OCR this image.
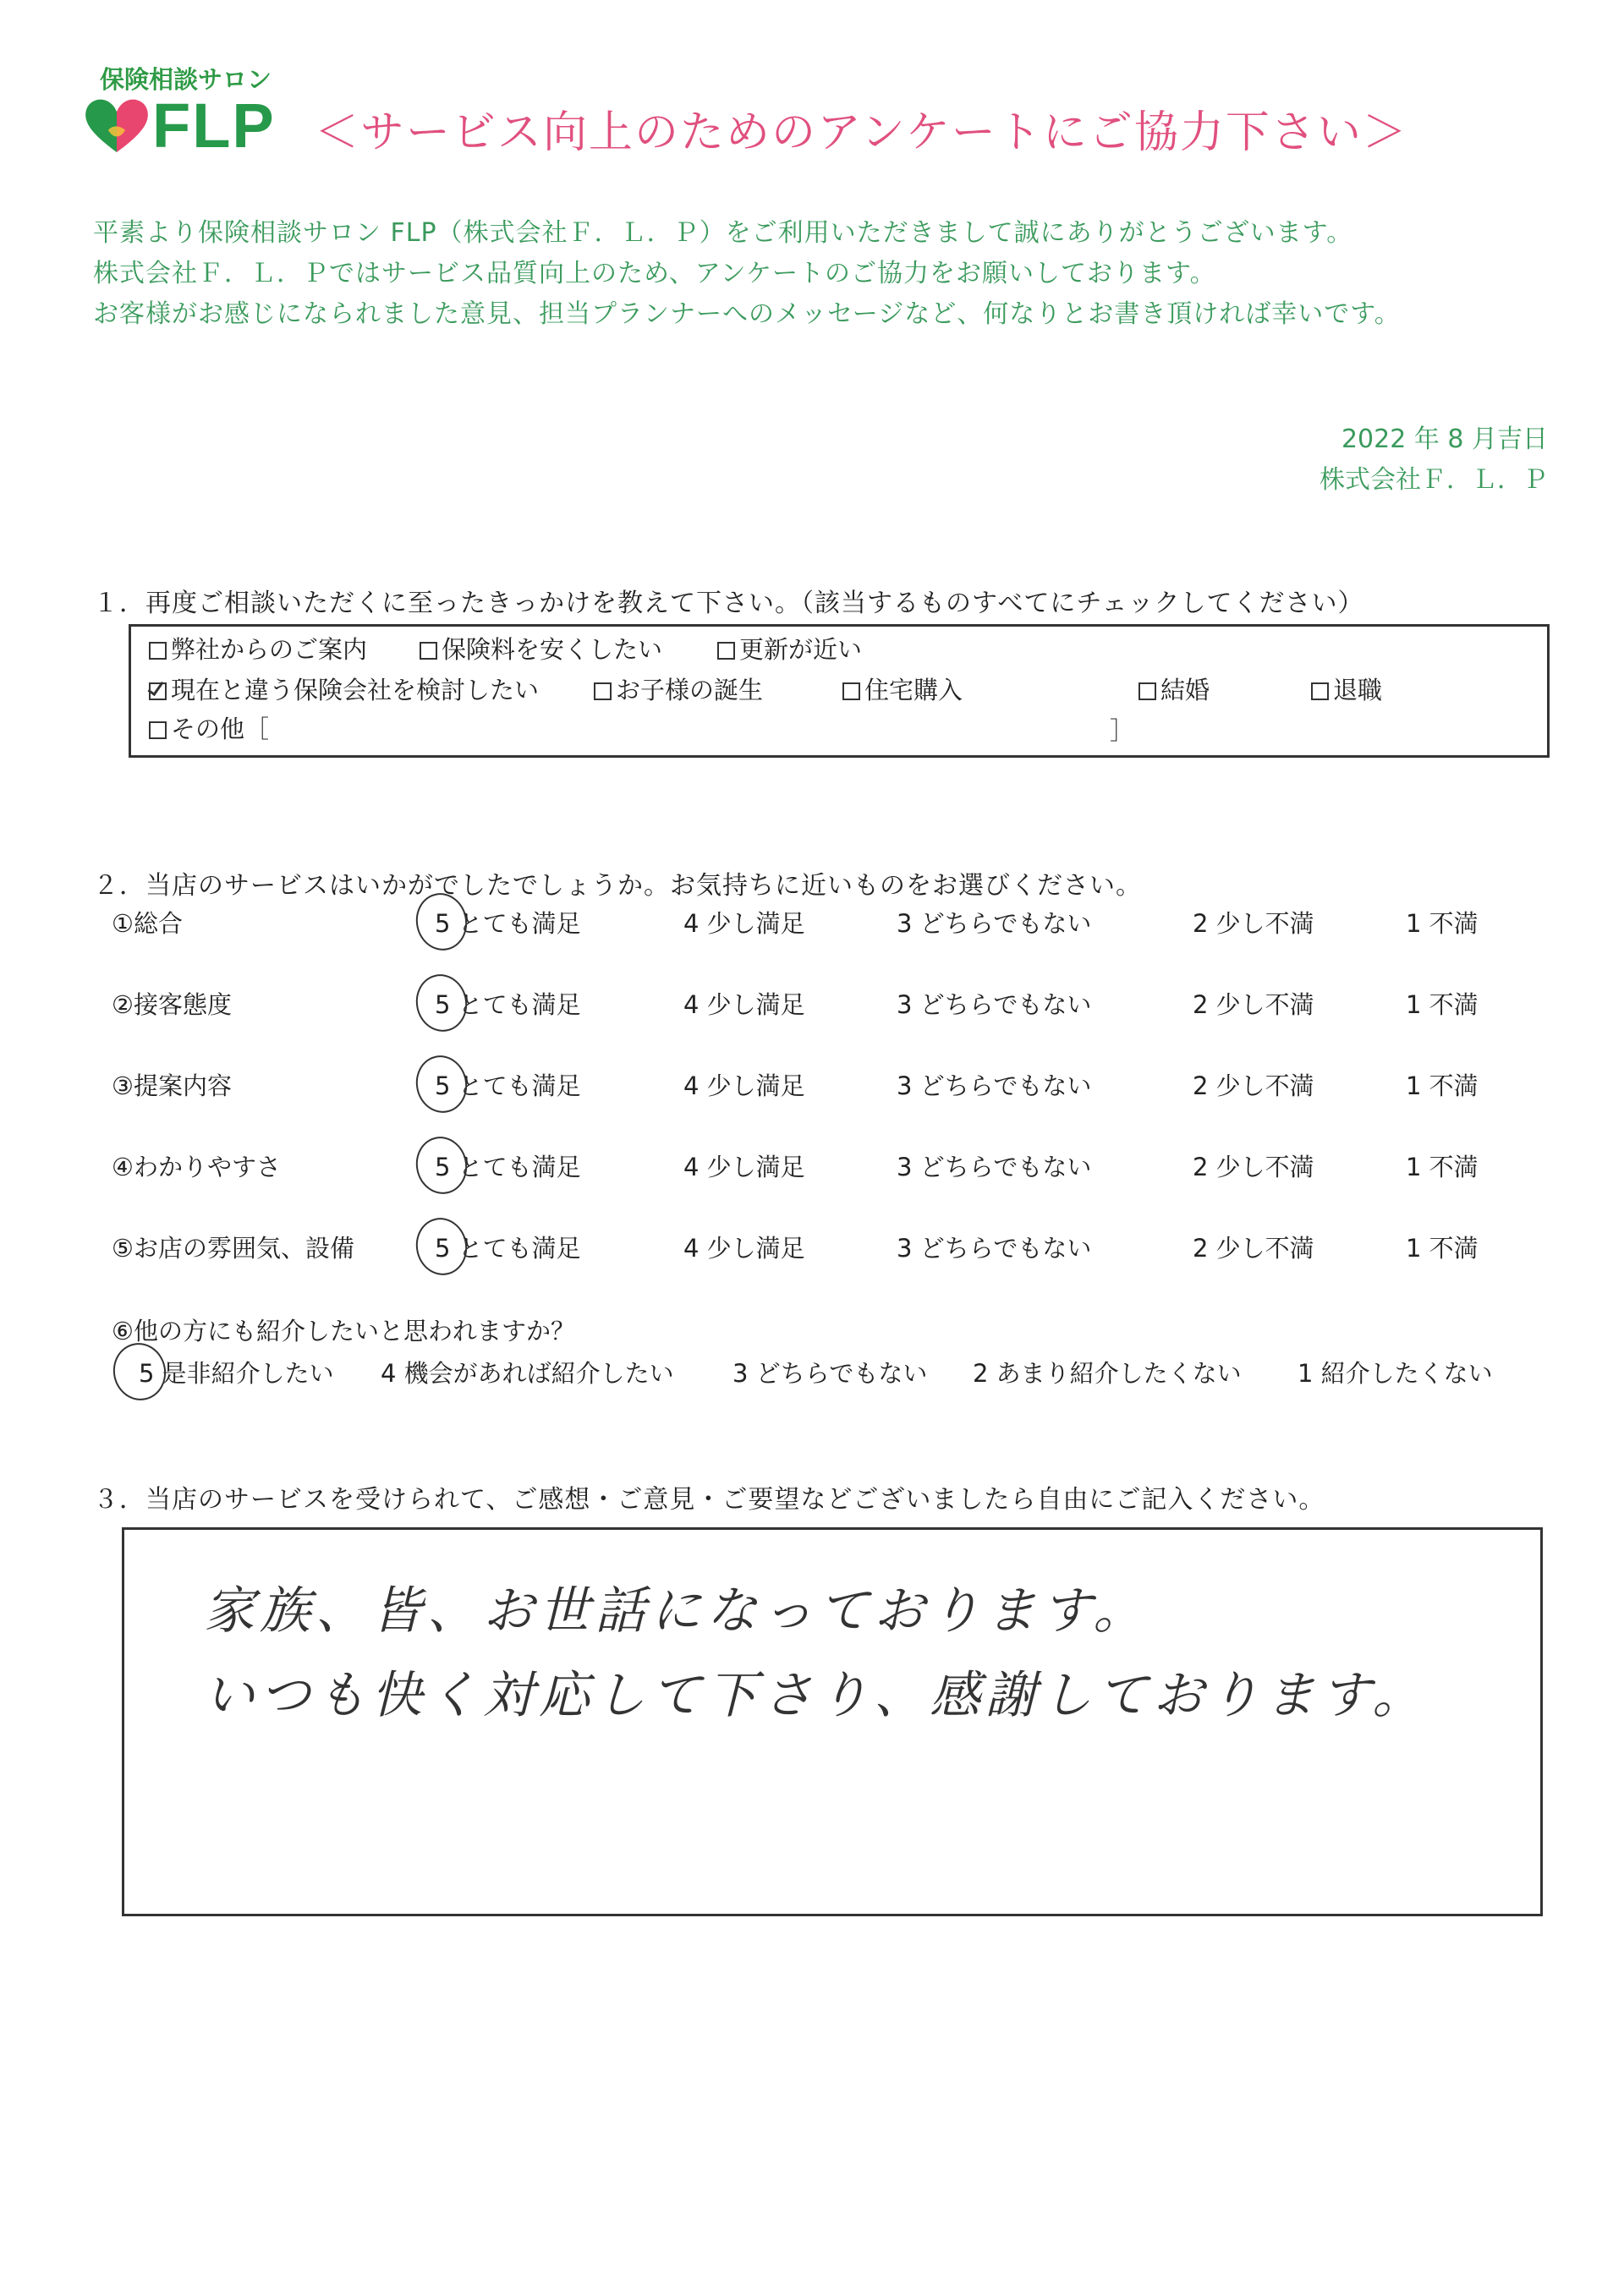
保険相談サロン
FLP ＜サービス向上のためのアンケートにご協力下さい＞
平素より保険相談サロン FLP（株式会社Ｆ．Ｌ．Ｐ）をご利用いただきまして誠にありがとうございます。
株式会社Ｆ．Ｌ．Ｐではサービス品質向上のため、アンケートのご協力をお願いしております。
お客様がお感じになられました意見、担当プランナーへのメッセージなど、何なりとお書き頂ければ幸いです。
2022 年 8 月吉日
株式会社Ｆ．Ｌ．Ｐ
１．再度ご相談いただくに至ったきっかけを教えて下さい。（該当するものすべてにチェックしてください）
弊社からのご案内	保険料を安くしたい	更新が近い
現在と違う保険会社を検討したい	お子様の誕生	住宅購入	結婚	退職
その他［	］
２．当店のサービスはいかがでしたでしょうか。お気持ちに近いものをお選びください。
①総合	5 とても満足	4 少し満足	3 どちらでもない	2 少し不満	1 不満
②接客態度	5 とても満足	4 少し満足	3 どちらでもない	2 少し不満	1 不満
③提案内容	5 とても満足	4 少し満足	3 どちらでもない	2 少し不満	1 不満
④わかりやすさ	5 とても満足	4 少し満足	3 どちらでもない	2 少し不満	1 不満
⑤お店の雰囲気、設備	5 とても満足	4 少し満足	3 どちらでもない	2 少し不満	1 不満
⑥他の方にも紹介したいと思われますか？
5 是非紹介したい 4 機会があれば紹介したい 3 どちらでもない 2 あまり紹介したくない 1 紹介したくない
３．当店のサービスを受けられて、ご感想・ご意見・ご要望などございましたら自由にご記入ください。
家族、皆、お世話になっております。
いつも快く対応して下さり、感謝しております。
